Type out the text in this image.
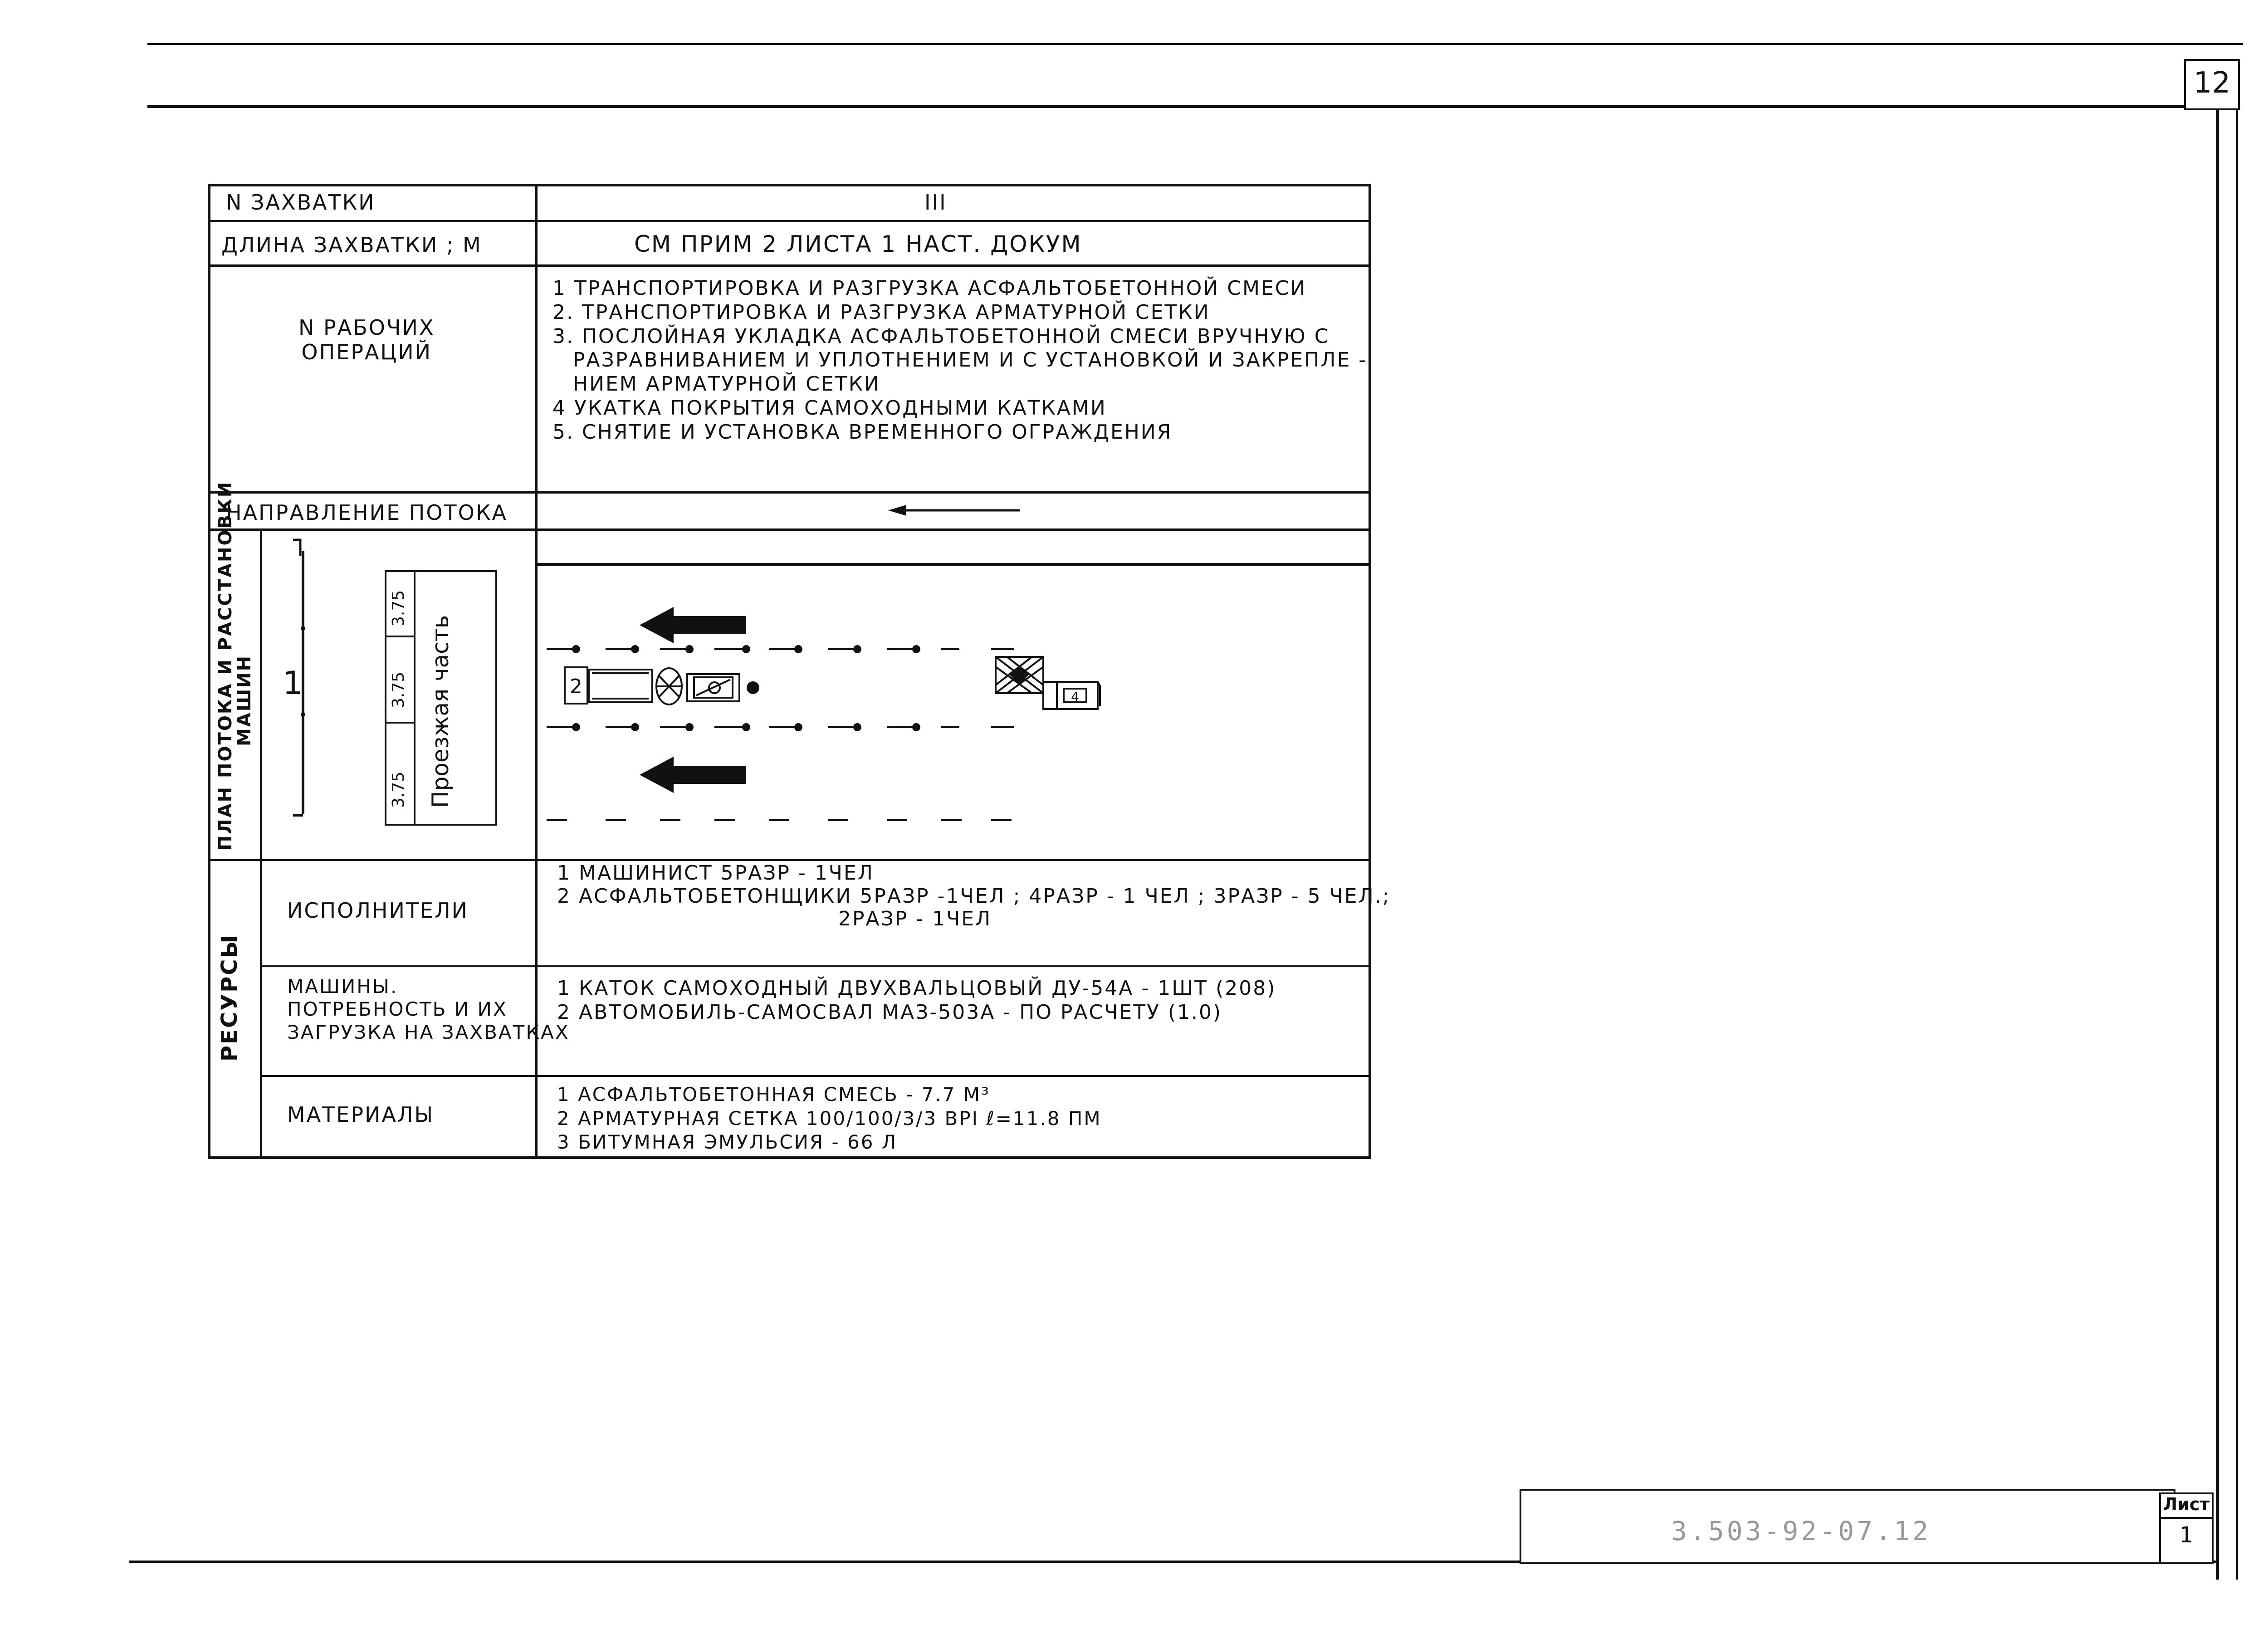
12
3.503-92-07.12
Лист
1
N ЗАХВАТКИ	III
ДЛИНА ЗАХВАТКИ ; М	СМ ПРИМ 2 ЛИСТА 1 НАСТ. ДОКУМ
N РАБОЧИХ
ОПЕРАЦИЙ
1 ТРАНСПОРТИРОВКА И РАЗГРУЗКА АСФАЛЬТОБЕТОННОЙ СМЕСИ
2. ТРАНСПОРТИРОВКА И РАЗГРУЗКА АРМАТУРНОЙ СЕТКИ
3. ПОСЛОЙНАЯ УКЛАДКА АСФАЛЬТОБЕТОННОЙ СМЕСИ ВРУЧНУЮ С
РАЗРАВНИВАНИЕМ И УПЛОТНЕНИЕМ И С УСТАНОВКОЙ И ЗАКРЕПЛЕ -
НИЕМ АРМАТУРНОЙ СЕТКИ
4 УКАТКА ПОКРЫТИЯ САМОХОДНЫМИ КАТКАМИ
5. СНЯТИЕ И УСТАНОВКА ВРЕМЕННОГО ОГРАЖДЕНИЯ
НАПРАВЛЕНИЕ ПОТОКА
ПЛАН ПОТОКА И РАССТАНОВКИ
МАШИН 1
3.75
3.75
3.75 Проезжая часть	2	4
РЕСУРСЫ
ИСПОЛНИТЕЛИ
1 МАШИНИСТ 5РАЗР - 1ЧЕЛ
2 АСФАЛЬТОБЕТОНЩИКИ 5РАЗР -1ЧЕЛ ; 4РАЗР - 1 ЧЕЛ ; 3РАЗР - 5 ЧЕЛ.;
2РАЗР - 1ЧЕЛ
МАШИНЫ.
ПОТРЕБНОСТЬ И ИХ
ЗАГРУЗКА НА ЗАХВАТКАХ
1 КАТОК САМОХОДНЫЙ ДВУХВАЛЬЦОВЫЙ ДУ-54А - 1ШТ (208)
2 АВТОМОБИЛЬ-САМОСВАЛ МАЗ-503А - ПО РАСЧЕТУ (1.0)
МАТЕРИАЛЫ
1 АСФАЛЬТОБЕТОННАЯ СМЕСЬ - 7.7 М³
2 АРМАТУРНАЯ СЕТКА 100/100/3/3 ВРI ℓ=11.8 ПМ
3 БИТУМНАЯ ЭМУЛЬСИЯ - 66 Л
